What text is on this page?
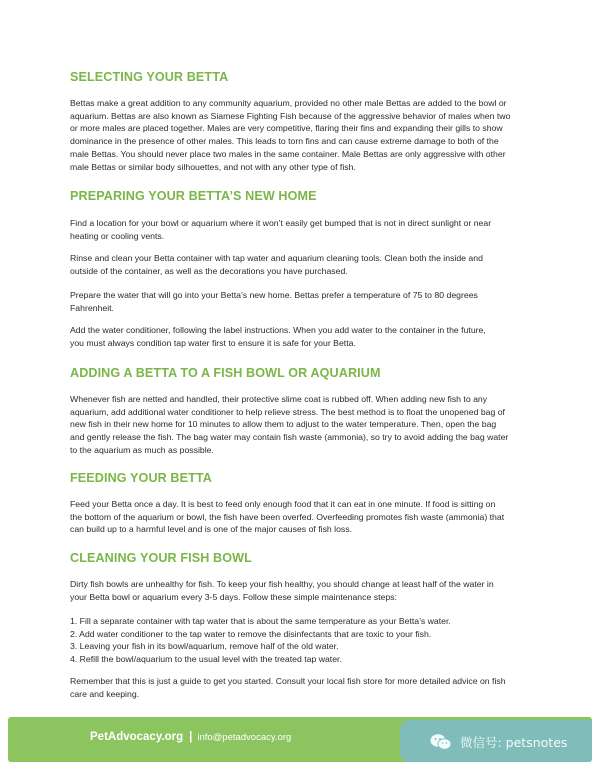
SELECTING YOUR BETTA

Bettas make a great addition to any community aquarium, provided no other male Bettas are added to the bowl or
aquarium. Bettas are also known as Siamese Fighting Fish because of the aggressive behavior of males when two
or more males are placed together. Males are very competitive, flaring their fins and expanding their gills to show
dominance in the presence of other males. This leads to torn fins and can cause extreme damage to both of the
male Bettas. You should never place two males in the same container. Male Bettas are only aggressive with other
male Bettas or similar body silhouettes, and not with any other type of fish.

PREPARING YOUR BETTA’S NEW HOME

Find a location for your bowl or aquarium where it won’t easily get bumped that is not in direct sunlight or near
heating or cooling vents.

Rinse and clean your Betta container with tap water and aquarium cleaning tools. Clean both the inside and
outside of the container, as well as the decorations you have purchased.

Prepare the water that will go into your Betta’s new home. Bettas prefer a temperature of 75 to 80 degrees
Fahrenheit.

Add the water conditioner, following the label instructions. When you add water to the container in the future,
you must always condition tap water first to ensure it is safe for your Betta.

ADDING A BETTA TO A FISH BOWL OR AQUARIUM

Whenever fish are netted and handled, their protective slime coat is rubbed off. When adding new fish to any
aquarium, add additional water conditioner to help relieve stress. The best method is to float the unopened bag of
new fish in their new home for 10 minutes to allow them to adjust to the water temperature. Then, open the bag
and gently release the fish. The bag water may contain fish waste (ammonia), so try to avoid adding the bag water
to the aquarium as much as possible.

FEEDING YOUR BETTA

Feed your Betta once a day. It is best to feed only enough food that it can eat in one minute. If food is sitting on
the bottom of the aquarium or bowl, the fish have been overfed. Overfeeding promotes fish waste (ammonia) that
can build up to a harmful level and is one of the major causes of fish loss.

CLEANING YOUR FISH BOWL

Dirty fish bowls are unhealthy for fish. To keep your fish healthy, you should change at least half of the water in
your Betta bowl or aquarium every 3-5 days. Follow these simple maintenance steps:

1. Fill a separate container with tap water that is about the same temperature as your Betta’s water.
2. Add water conditioner to the tap water to remove the disinfectants that are toxic to your fish.
3. Leaving your fish in its bowl/aquarium, remove half of the old water.
4. Refill the bowl/aquarium to the usual level with the treated tap water.

Remember that this is just a guide to get you started. Consult your local fish store for more detailed advice on fish
care and keeping.

PetAdvocacy.org | info@petadvocacy.org	微信号: petsnotes
